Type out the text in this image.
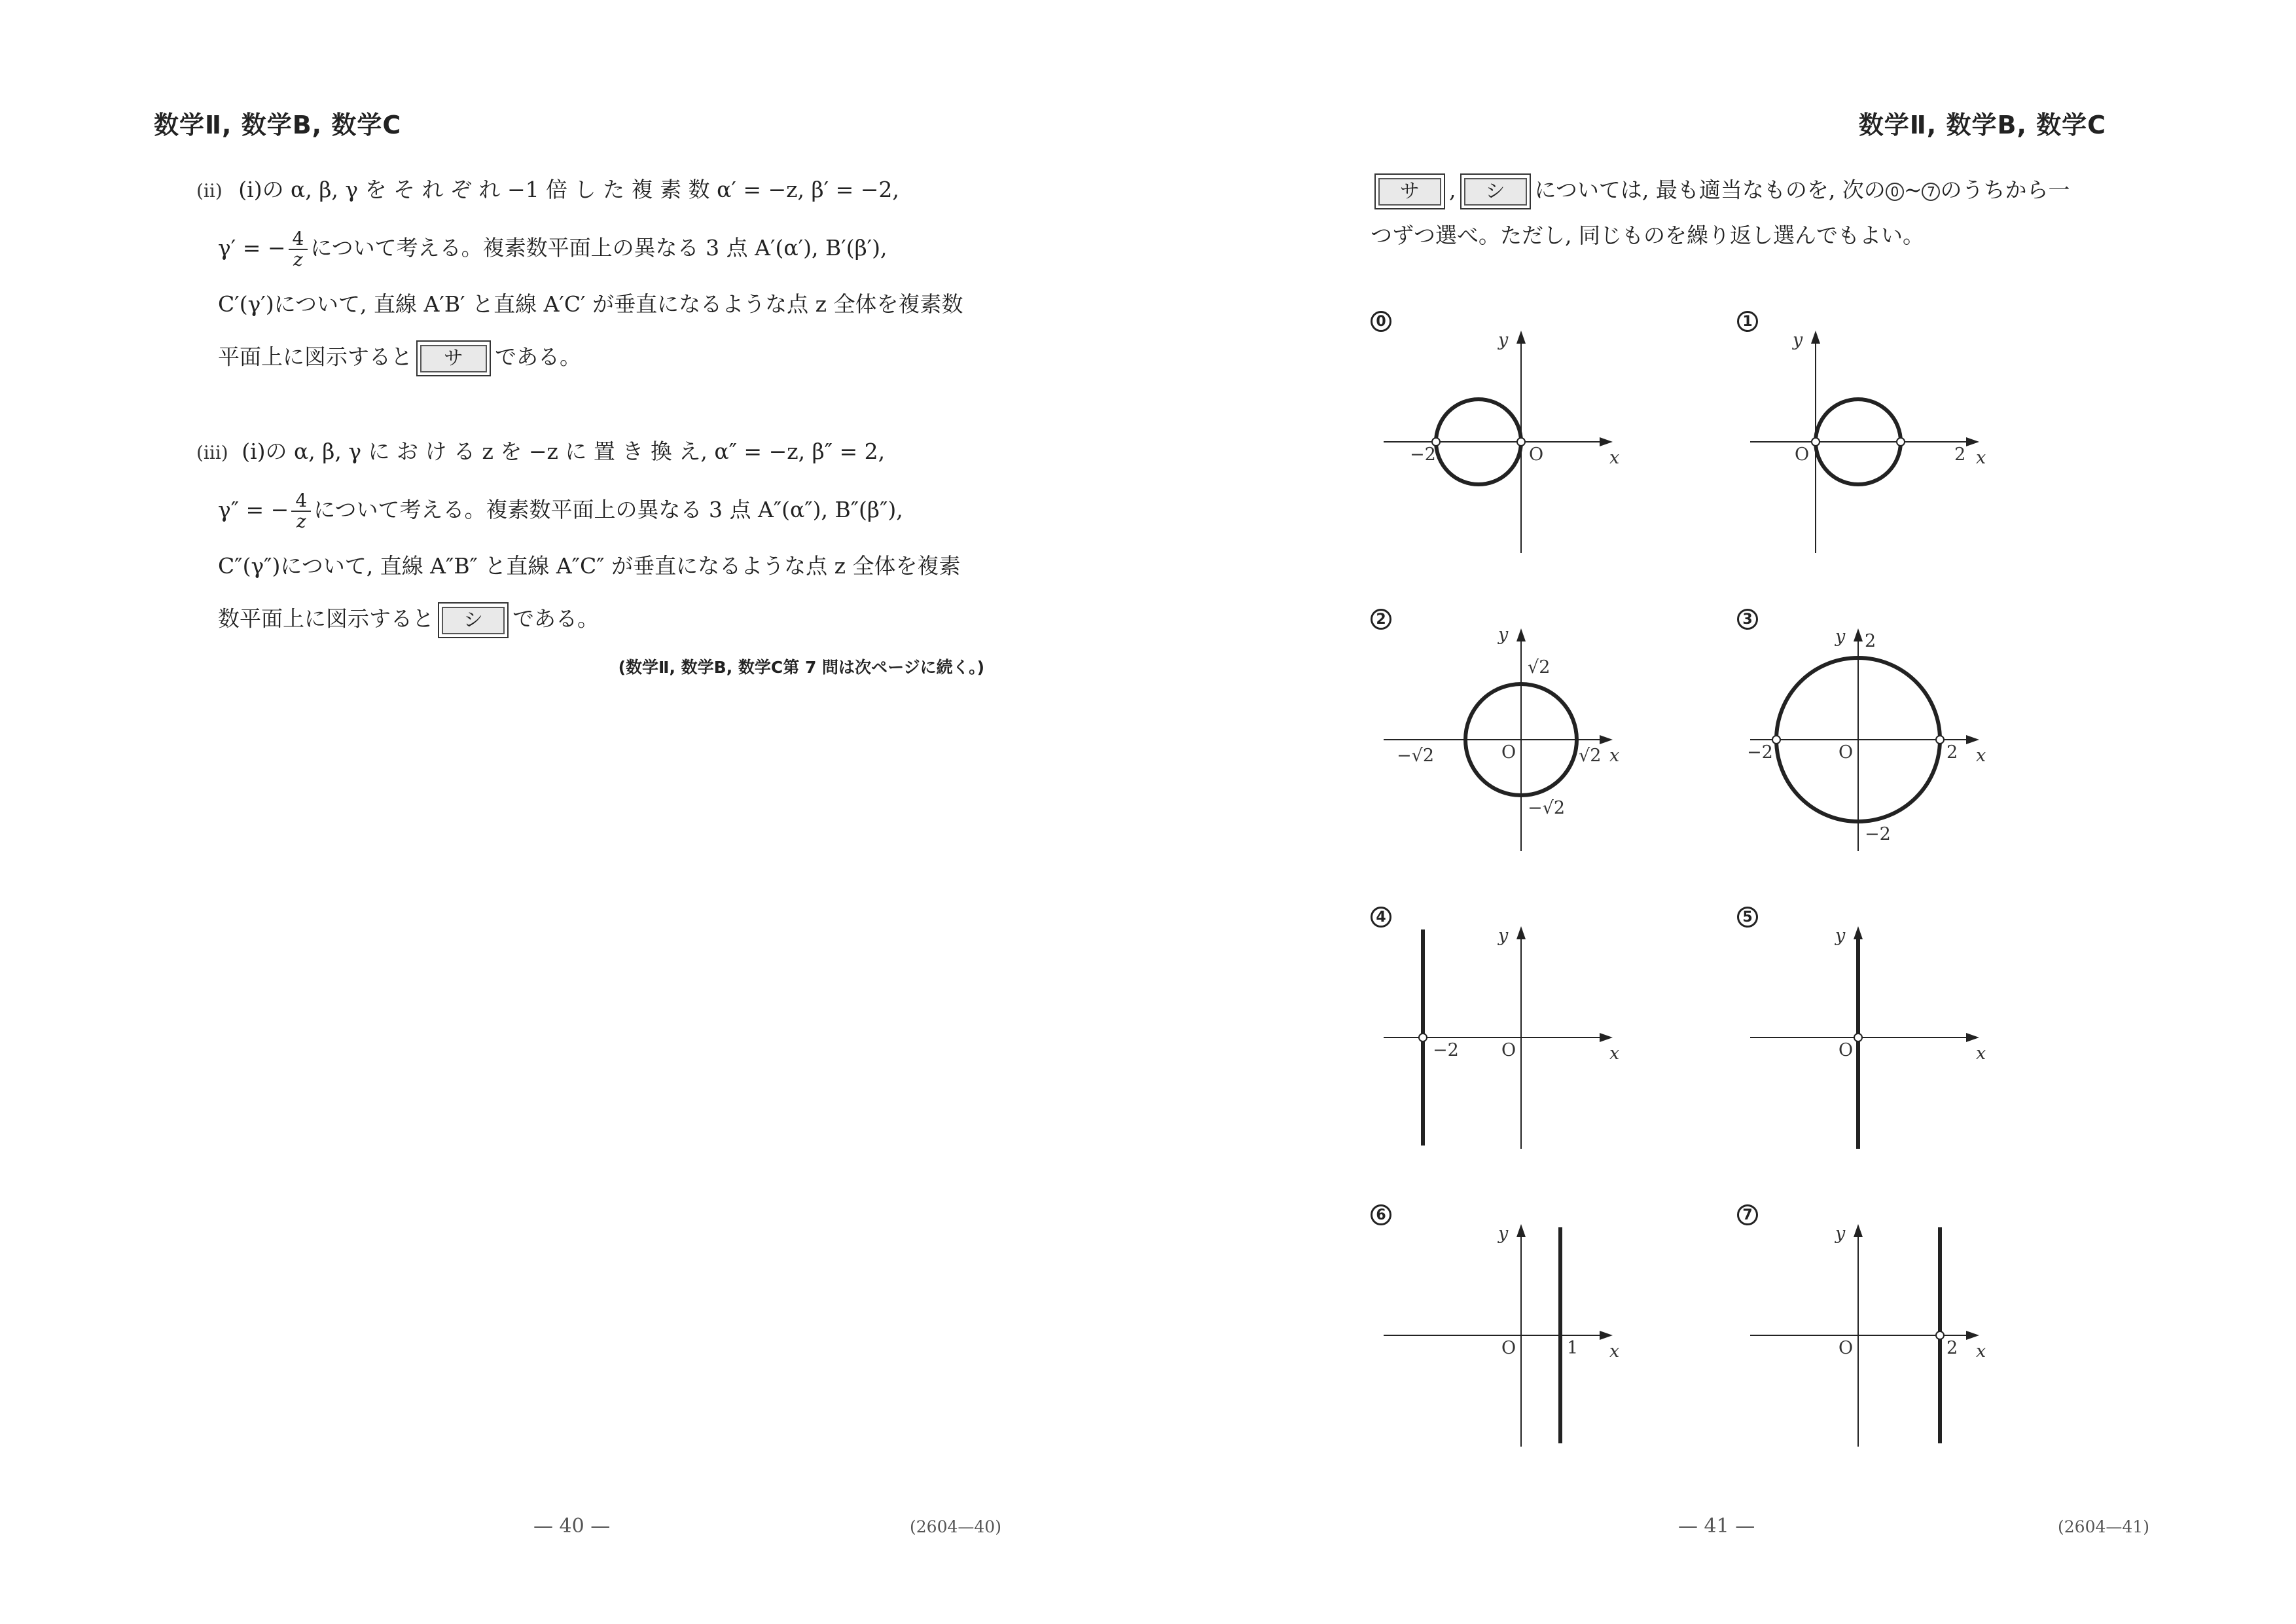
数学Ⅱ, 数学B, 数学C
(ii) (i)の α, β, γ を そ れ ぞ れ −1 倍 し た 複 素 数 α′ = −z, β′ = −2,
γ′ = − $\frac{4}{z}$ について考える。複素数平面上の異なる 3 点 A′(α′), B′(β′),
C′(γ′)について, 直線 A′B′ と直線 A′C′ が垂直になるような点 z 全体を複素数
平面上に図示すると サ である。
(iii) (i)の α, β, γ に お け る z を −z に 置 き 換 え, α″ = −z, β″ = 2,
γ″ = − $\frac{4}{z}$ について考える。複素数平面上の異なる 3 点 A″(α″), B″(β″),
C″(γ″)について, 直線 A″B″ と直線 A″C″ が垂直になるような点 z 全体を複素
数平面上に図示すると シ である。
(数学Ⅱ, 数学B, 数学C第 7 問は次ページに続く。)
— 40 —	(2604—40)
数学Ⅱ, 数学B, 数学C
サ , シ については, 最も適当なものを, 次の 0 ~ 7 のうちから一
つずつ選べ。ただし, 同じものを繰り返し選んでもよい。
0
y
x
O
−2
1
y
x
O	2
2
y
x
O
√2
−√2	√2
−√2
3
y
x
O
2
−2	2
−2
4
y
x
O
−2
5
y
x
O
6
y
x
O	1
7
y
x
O	2
— 41 —	(2604—41)
